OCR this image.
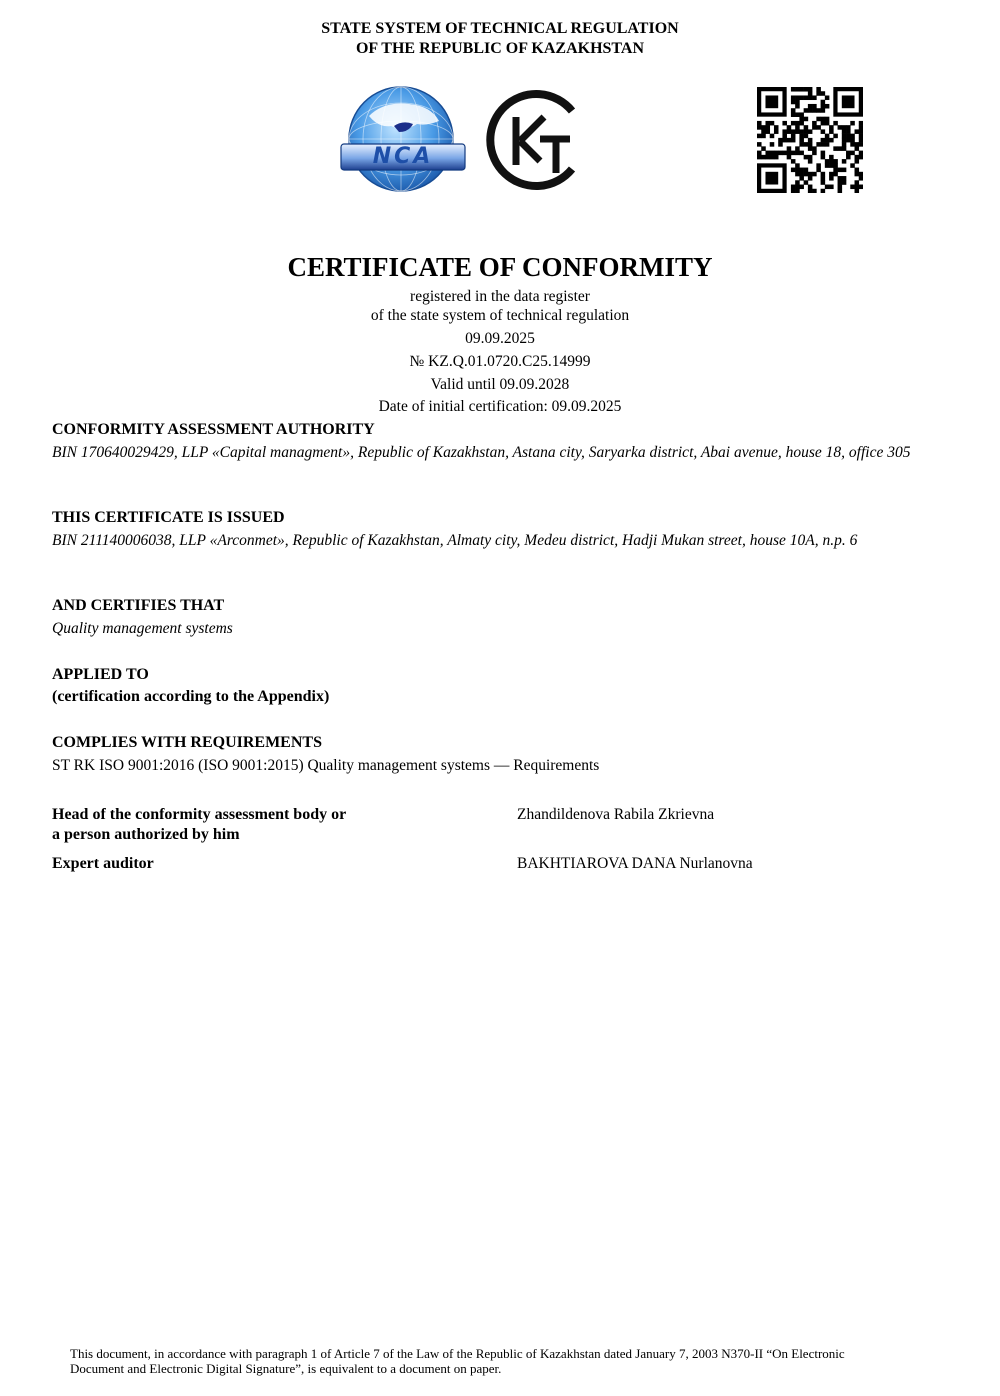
STATE SYSTEM OF TECHNICAL REGULATION
OF THE REPUBLIC OF KAZAKHSTAN
NCA
CERTIFICATE OF CONFORMITY
registered in the data register
of the state system of technical regulation
09.09.2025
№ KZ.Q.01.0720.C25.14999
Valid until 09.09.2028
Date of initial certification: 09.09.2025
CONFORMITY ASSESSMENT AUTHORITY
BIN 170640029429, LLP «Capital managment», Republic of Kazakhstan, Astana city, Saryarka district, Abai avenue, house 18, office 305
THIS CERTIFICATE IS ISSUED
BIN 211140006038, LLP «Arconmet», Republic of Kazakhstan, Almaty city, Medeu district, Hadji Mukan street, house 10A, n.p. 6
AND CERTIFIES THAT
Quality management systems
APPLIED TO
(certification according to the Appendix)
COMPLIES WITH REQUIREMENTS
ST RK ISO 9001:2016 (ISO 9001:2015) Quality management systems — Requirements
Head of the conformity assessment body or
a person authorized by him
Zhandildenova Rabila Zkrievna
Expert auditor	BAKHTIAROVA DANA Nurlanovna
This document, in accordance with paragraph 1 of Article 7 of the Law of the Republic of Kazakhstan dated January 7, 2003 N370-II “On Electronic
Document and Electronic Digital Signature”, is equivalent to a document on paper.
